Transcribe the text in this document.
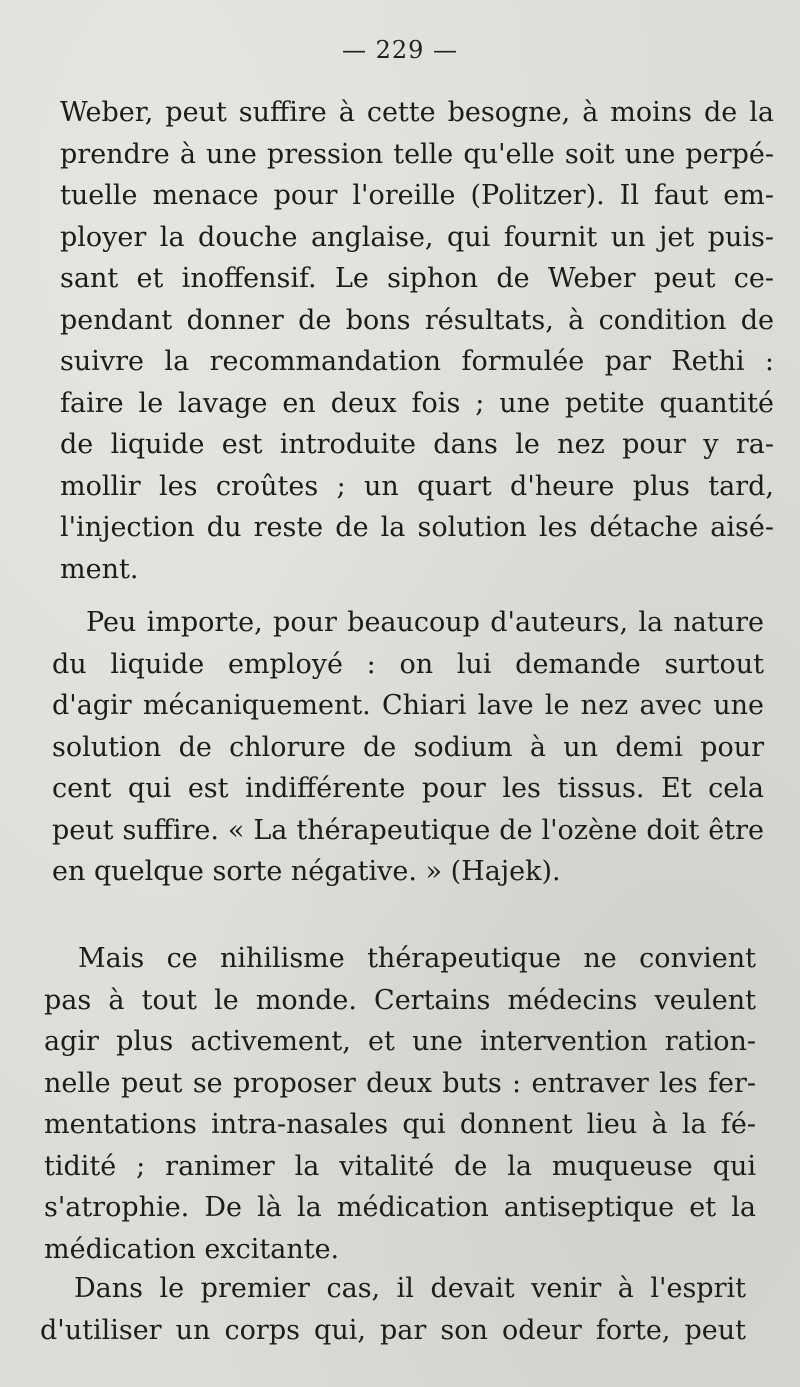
— 229 —
Weber, peut suffire à cette besogne, à moins de la
prendre à une pression telle qu'elle soit une perpé-
tuelle menace pour l'oreille (Politzer). Il faut em-
ployer la douche anglaise, qui fournit un jet puis-
sant et inoffensif. Le siphon de Weber peut ce-
pendant donner de bons résultats, à condition de
suivre la recommandation formulée par Rethi :
faire le lavage en deux fois ; une petite quantité
de liquide est introduite dans le nez pour y ra-
mollir les croûtes ; un quart d'heure plus tard,
l'injection du reste de la solution les détache aisé-
ment.
Peu importe, pour beaucoup d'auteurs, la nature
du liquide employé : on lui demande surtout
d'agir mécaniquement. Chiari lave le nez avec une
solution de chlorure de sodium à un demi pour
cent qui est indifférente pour les tissus. Et cela
peut suffire. « La thérapeutique de l'ozène doit être
en quelque sorte négative. » (Hajek).
Mais ce nihilisme thérapeutique ne convient
pas à tout le monde. Certains médecins veulent
agir plus activement, et une intervention ration-
nelle peut se proposer deux buts : entraver les fer-
mentations intra-nasales qui donnent lieu à la fé-
tidité ; ranimer la vitalité de la muqueuse qui
s'atrophie. De là la médication antiseptique et la
médication excitante.
Dans le premier cas, il devait venir à l'esprit
d'utiliser un corps qui, par son odeur forte, peut
